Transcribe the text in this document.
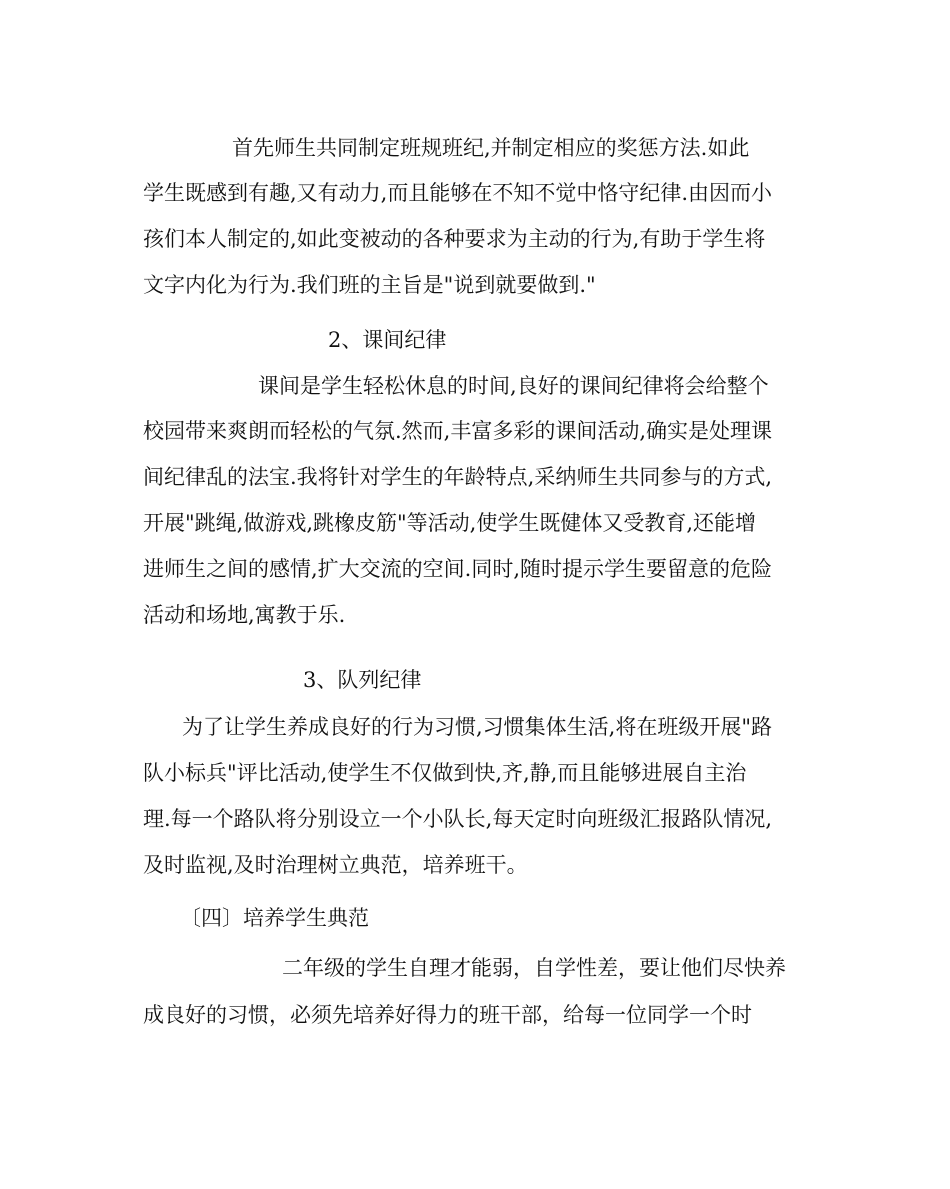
首先师生共同制定班规班纪,并制定相应的奖惩方法.如此
学生既感到有趣,又有动力,而且能够在不知不觉中恪守纪律.由因而小
孩们本人制定的,如此变被动的各种要求为主动的行为,有助于学生将
文字内化为行为.我们班的主旨是"说到就要做到."
2、课间纪律
课间是学生轻松休息的时间,良好的课间纪律将会给整个
校园带来爽朗而轻松的气氛.然而,丰富多彩的课间活动,确实是处理课
间纪律乱的法宝.我将针对学生的年龄特点,采纳师生共同参与的方式,
开展"跳绳,做游戏,跳橡皮筋"等活动,使学生既健体又受教育,还能增
进师生之间的感情,扩大交流的空间.同时,随时提示学生要留意的危险
活动和场地,寓教于乐.
3、队列纪律
为了让学生养成良好的行为习惯,习惯集体生活,将在班级开展"路
队小标兵"评比活动,使学生不仅做到快,齐,静,而且能够进展自主治
理.每一个路队将分别设立一个小队长,每天定时向班级汇报路队情况,
及时监视,及时治理树立典范，培养班干。
〔四〕培养学生典范
二年级的学生自理才能弱，自学性差，要让他们尽快养
成良好的习惯，必须先培养好得力的班干部，给每一位同学一个时
